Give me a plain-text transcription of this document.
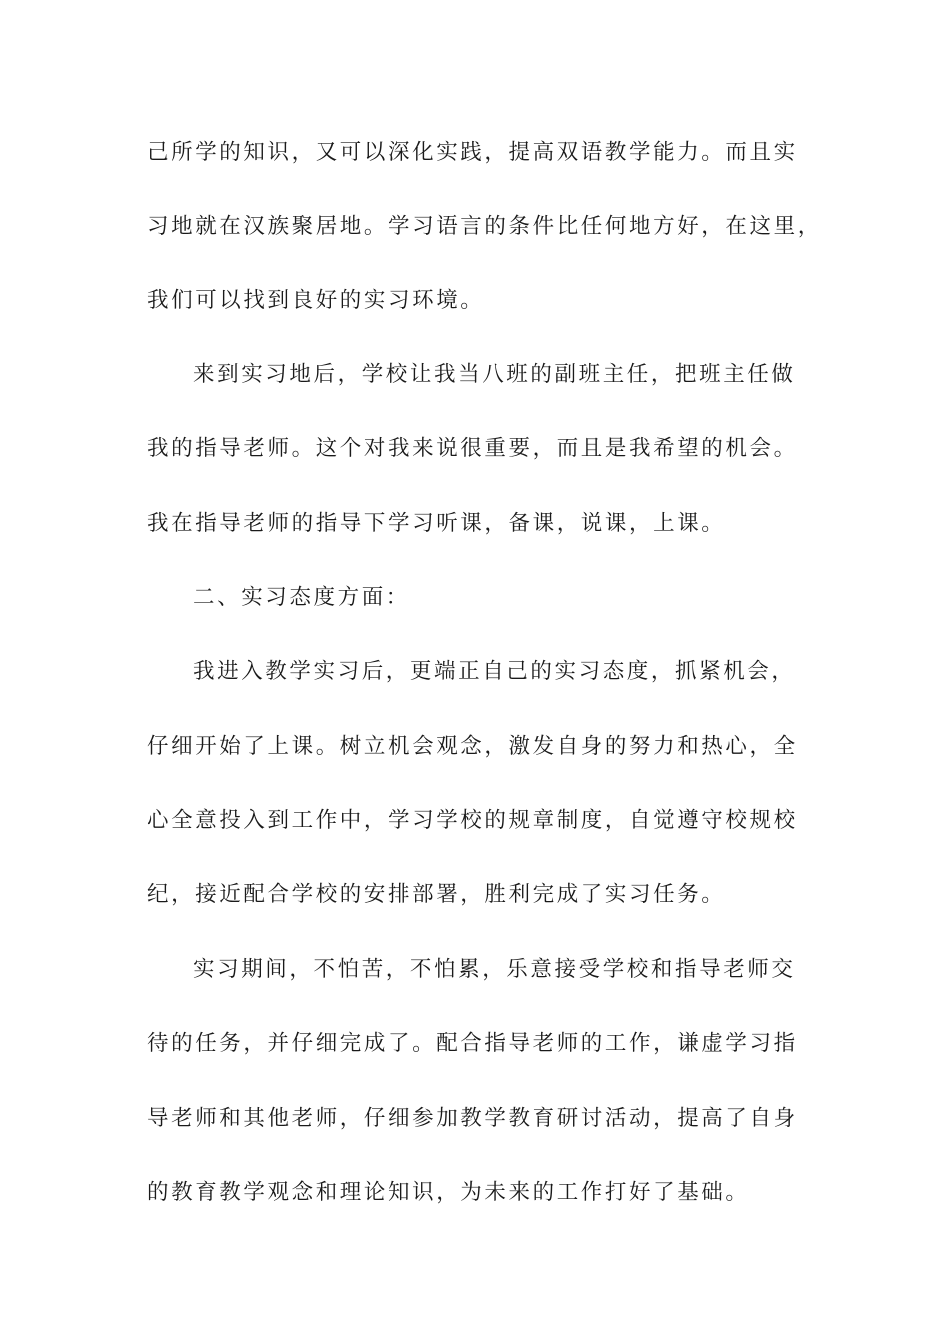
己所学的知识，又可以深化实践，提高双语教学能力。而且实
习地就在汉族聚居地。学习语言的条件比任何地方好，在这里，
我们可以找到良好的实习环境。
来到实习地后，学校让我当八班的副班主任，把班主任做
我的指导老师。这个对我来说很重要，而且是我希望的机会。
我在指导老师的指导下学习听课，备课，说课，上课。
二、实习态度方面：
我进入教学实习后，更端正自己的实习态度，抓紧机会，
仔细开始了上课。树立机会观念，激发自身的努力和热心，全
心全意投入到工作中，学习学校的规章制度，自觉遵守校规校
纪，接近配合学校的安排部署，胜利完成了实习任务。
实习期间，不怕苦，不怕累，乐意接受学校和指导老师交
待的任务，并仔细完成了。配合指导老师的工作，谦虚学习指
导老师和其他老师，仔细参加教学教育研讨活动，提高了自身
的教育教学观念和理论知识，为未来的工作打好了基础。
